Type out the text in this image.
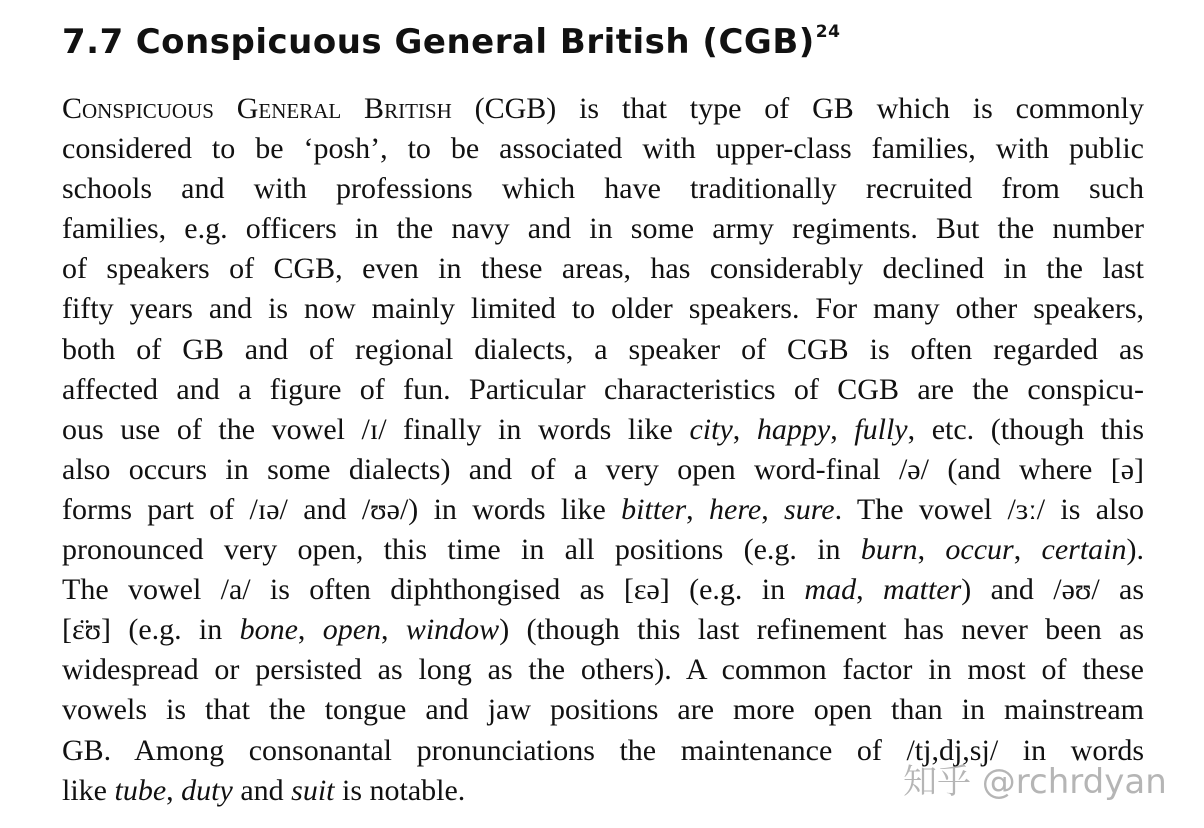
7.7 Conspicuous General British (CGB)$^{24}$
Conspicuous General British (CGB) is that type of GB which is commonly
considered to be ‘posh’, to be associated with upper-class families, with public
schools and with professions which have traditionally recruited from such
families, e.g. officers in the navy and in some army regiments. But the number
of speakers of CGB, even in these areas, has considerably declined in the last
fifty years and is now mainly limited to older speakers. For many other speakers,
both of GB and of regional dialects, a speaker of CGB is often regarded as
affected and a figure of fun. Particular characteristics of CGB are the conspicu-
ous use of the vowel /ɪ/ finally in words like city, happy, fully, etc. (though this
also occurs in some dialects) and of a very open word-final /ə/ (and where [ə]
forms part of /ɪə/ and /ʊə/) in words like bitter, here, sure. The vowel /ɜː/ is also
pronounced very open, this time in all positions (e.g. in burn, occur, certain).
The vowel /a/ is often diphthongised as [ɛə] (e.g. in mad, matter) and /əʊ/ as
[ɛ̈ʊ] (e.g. in bone, open, window) (though this last refinement has never been as
widespread or persisted as long as the others). A common factor in most of these
vowels is that the tongue and jaw positions are more open than in mainstream
GB. Among consonantal pronunciations the maintenance of /tj,dj,sj/ in words
like tube, duty and suit is notable.	知乎 @rchrdyan
